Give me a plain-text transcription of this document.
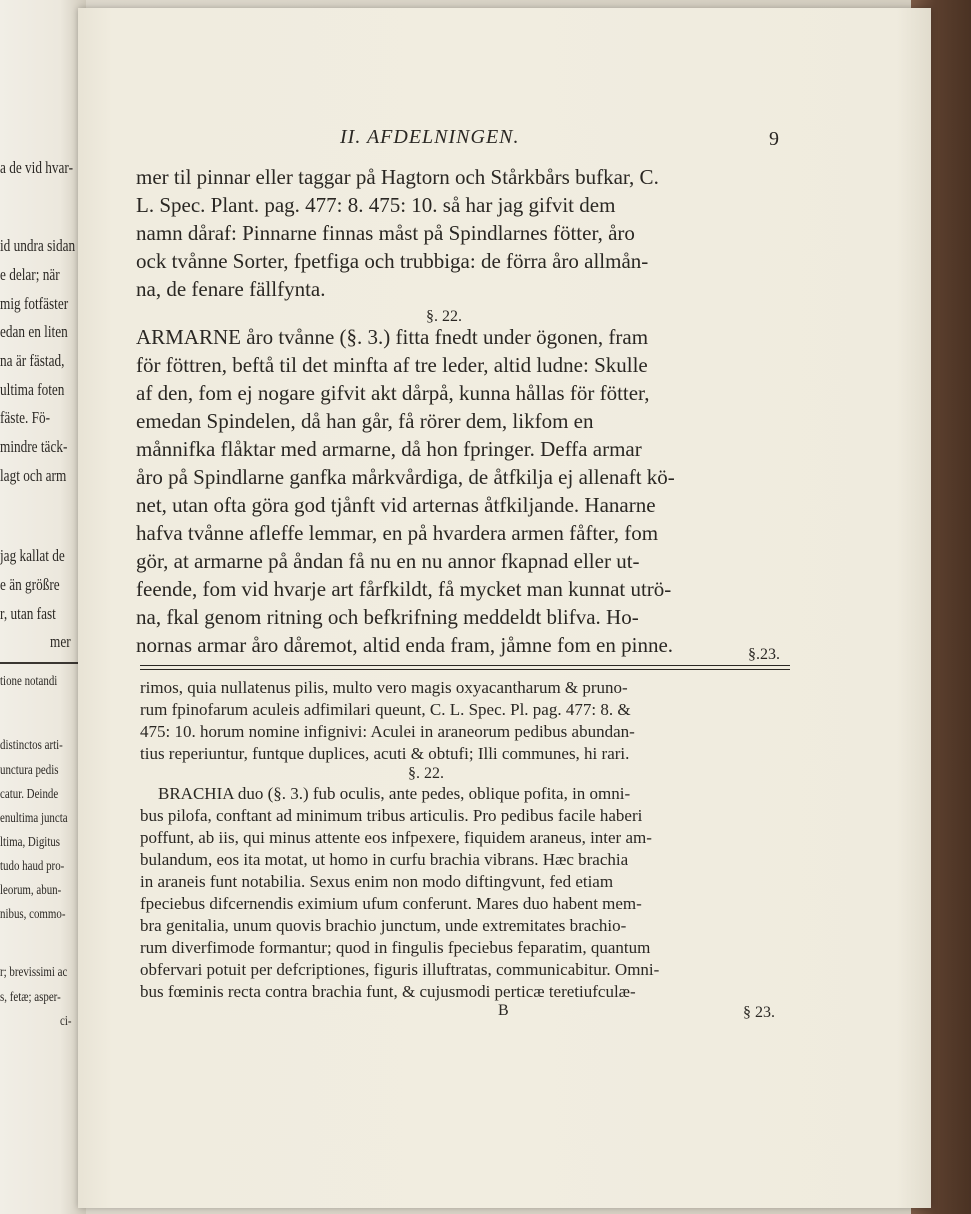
a de vid hvar-
id undra sidan
e delar; när
mig fotfäster
edan en liten
na är fästad,
ultima foten
fäste. Fö-
mindre täck-
lagt och arm
jag kallat de
e än größre
r, utan fast
mer
tione notandi
distinctos arti-
unctura pedis
catur. Deinde
enultima juncta
ltima, Digitus
tudo haud pro-
leorum, abun-
nibus, commo-
r; brevissimi ac
s, fetæ; asper-
ci-
II. AFDELNINGEN.	9
mer til pinnar eller taggar på Hagtorn och Stårkbårs bufkar, C.
L. Spec. Plant. pag. 477: 8. 475: 10. så har jag gifvit dem
namn dåraf: Pinnarne finnas måst på Spindlarnes fötter, åro
ock tvånne Sorter, fpetfiga och trubbiga: de förra åro allmån-
na, de fenare fällfynta.
§. 22.
ARMARNE åro tvånne (§. 3.) fitta fnedt under ögonen, fram
för föttren, beftå til det minfta af tre leder, altid ludne: Skulle
af den, fom ej nogare gifvit akt dårpå, kunna hållas för fötter,
emedan Spindelen, då han går, få rörer dem, likfom en
månnifka flåktar med armarne, då hon fpringer. Deffa armar
åro på Spindlarne ganfka mårkvårdiga, de åtfkilja ej allenaft kö-
net, utan ofta göra god tjånft vid arternas åtfkiljande. Hanarne
hafva tvånne afleffe lemmar, en på hvardera armen fåfter, fom
gör, at armarne på åndan få nu en nu annor fkapnad eller ut-
feende, fom vid hvarje art fårfkildt, få mycket man kunnat utrö-
na, fkal genom ritning och befkrifning meddeldt blifva. Ho-
nornas armar åro dåremot, altid enda fram, jåmne fom en pinne.	§.23.
rimos, quia nullatenus pilis, multo vero magis oxyacantharum & pruno-
rum fpinofarum aculeis adfimilari queunt, C. L. Spec. Pl. pag. 477: 8. &
475: 10. horum nomine infignivi: Aculei in araneorum pedibus abundan-
tius reperiuntur, funtque duplices, acuti & obtufi; Illi communes, hi rari.
§. 22.
BRACHIA duo (§. 3.) fub oculis, ante pedes, oblique pofita, in omni-
bus pilofa, conftant ad minimum tribus articulis. Pro pedibus facile haberi
poffunt, ab iis, qui minus attente eos infpexere, fiquidem araneus, inter am-
bulandum, eos ita motat, ut homo in curfu brachia vibrans. Hæc brachia
in araneis funt notabilia. Sexus enim non modo diftingvunt, fed etiam
fpeciebus difcernendis eximium ufum conferunt. Mares duo habent mem-
bra genitalia, unum quovis brachio junctum, unde extremitates brachio-
rum diverfimode formantur; quod in fingulis fpeciebus feparatim, quantum
obfervari potuit per defcriptiones, figuris illuftratas, communicabitur. Omni-
bus fœminis recta contra brachia funt, & cujusmodi perticæ teretiufculæ-
B	§ 23.
